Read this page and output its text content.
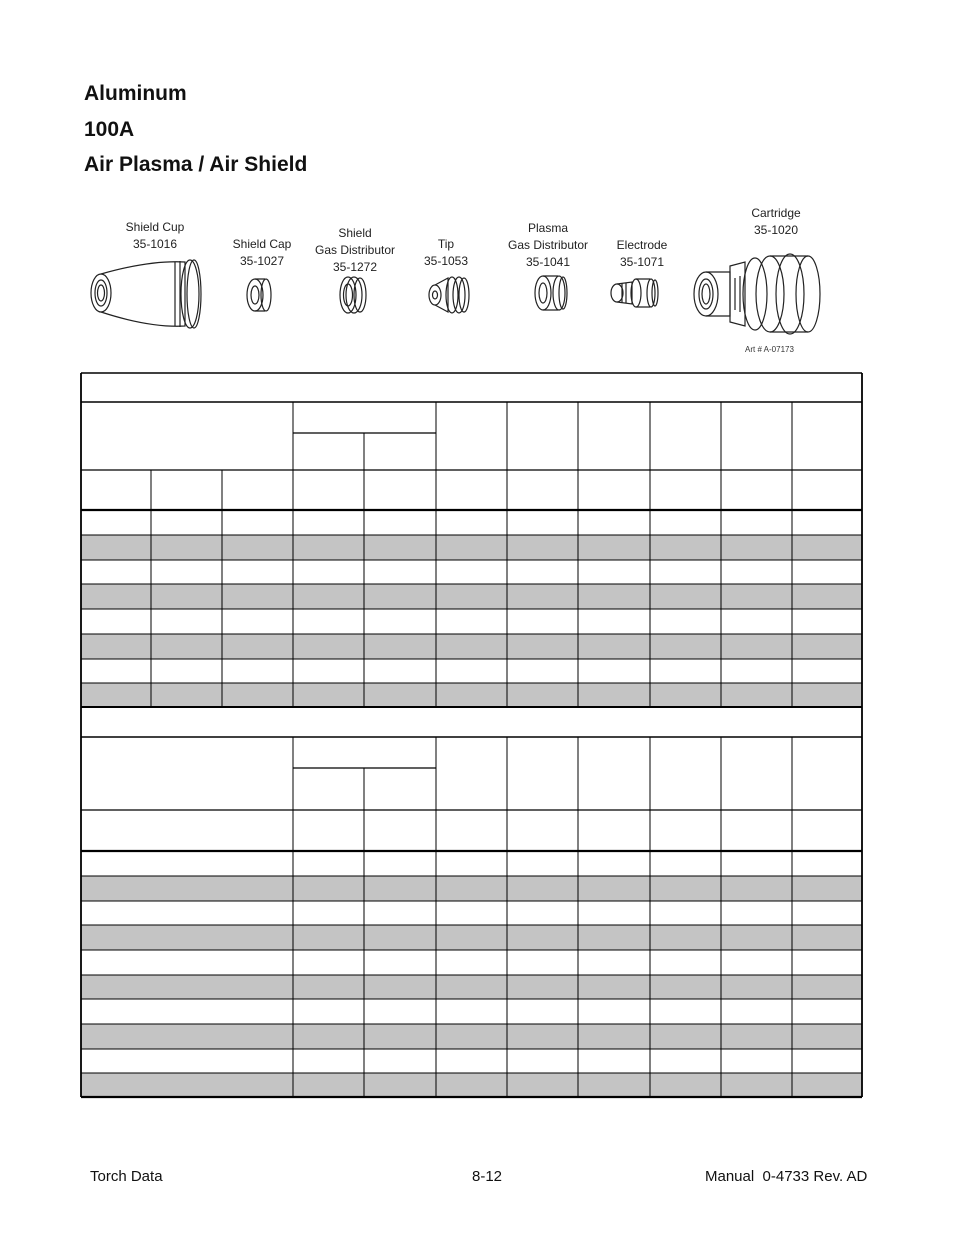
Aluminum
100A
Air Plasma / Air Shield
Shield Cup
35-1016	Shield Cap
35-1027
Shield
Gas Distributor
35-1272
Tip
35-1053
Plasma
Gas Distributor
35-1041
Electrode
35-1071
Cartridge
35-1020
Art # A-07173
Torch Data	8-12	Manual  0-4733 Rev. AD
